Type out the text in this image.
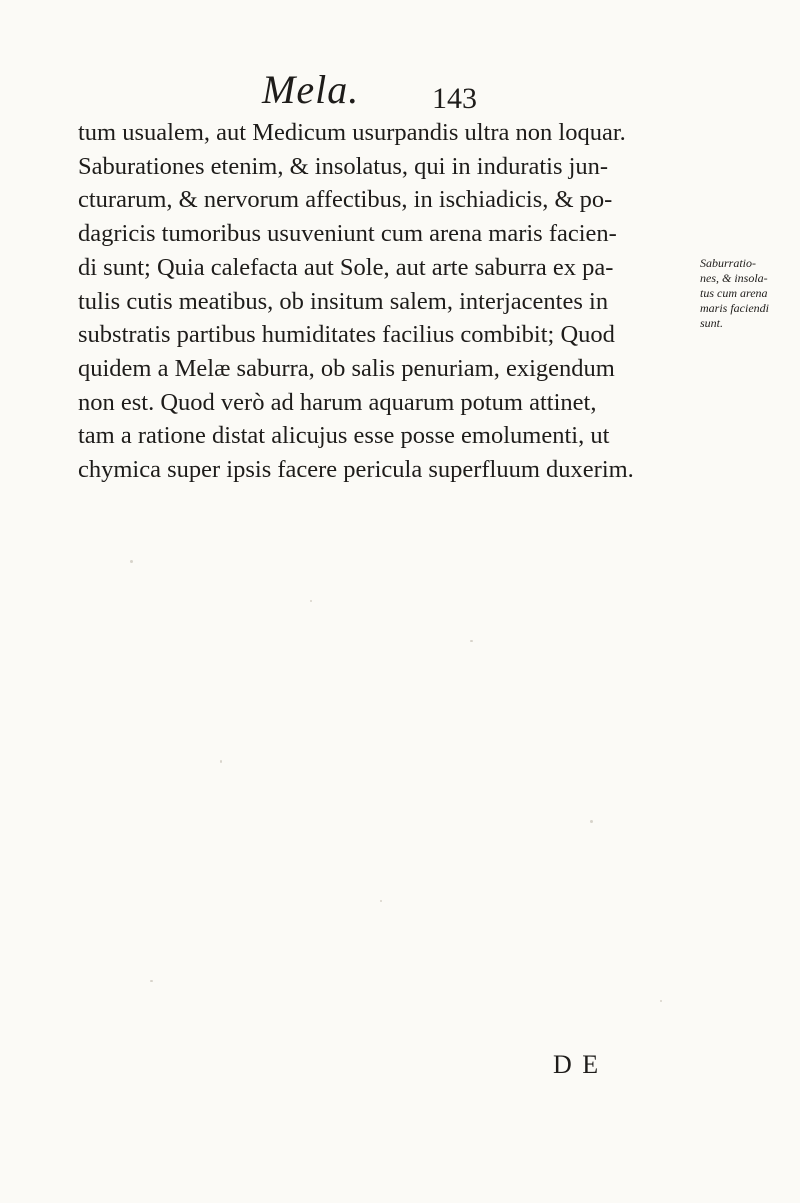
Mela. 143
tum usualem, aut Medicum usurpandis ultra non loquar.
Saburationes etenim, & insolatus, qui in induratis jun-
cturarum, & nervorum affectibus, in ischiadicis, & po-
dagricis tumoribus usuveniunt cum arena maris facien-
di sunt; Quia calefacta aut Sole, aut arte saburra ex pa-
tulis cutis meatibus, ob insitum salem, interjacentes in
substratis partibus humiditates facilius combibit; Quod
quidem a Melæ saburra, ob salis penuriam, exigendum
non est. Quod verò ad harum aquarum potum attinet,
tam a ratione distat alicujus esse posse emolumenti, ut
chymica super ipsis facere pericula superfluum duxerim.
Saburratio-
nes, & insola-
tus cum arena
maris faciendi
sunt.
D E
